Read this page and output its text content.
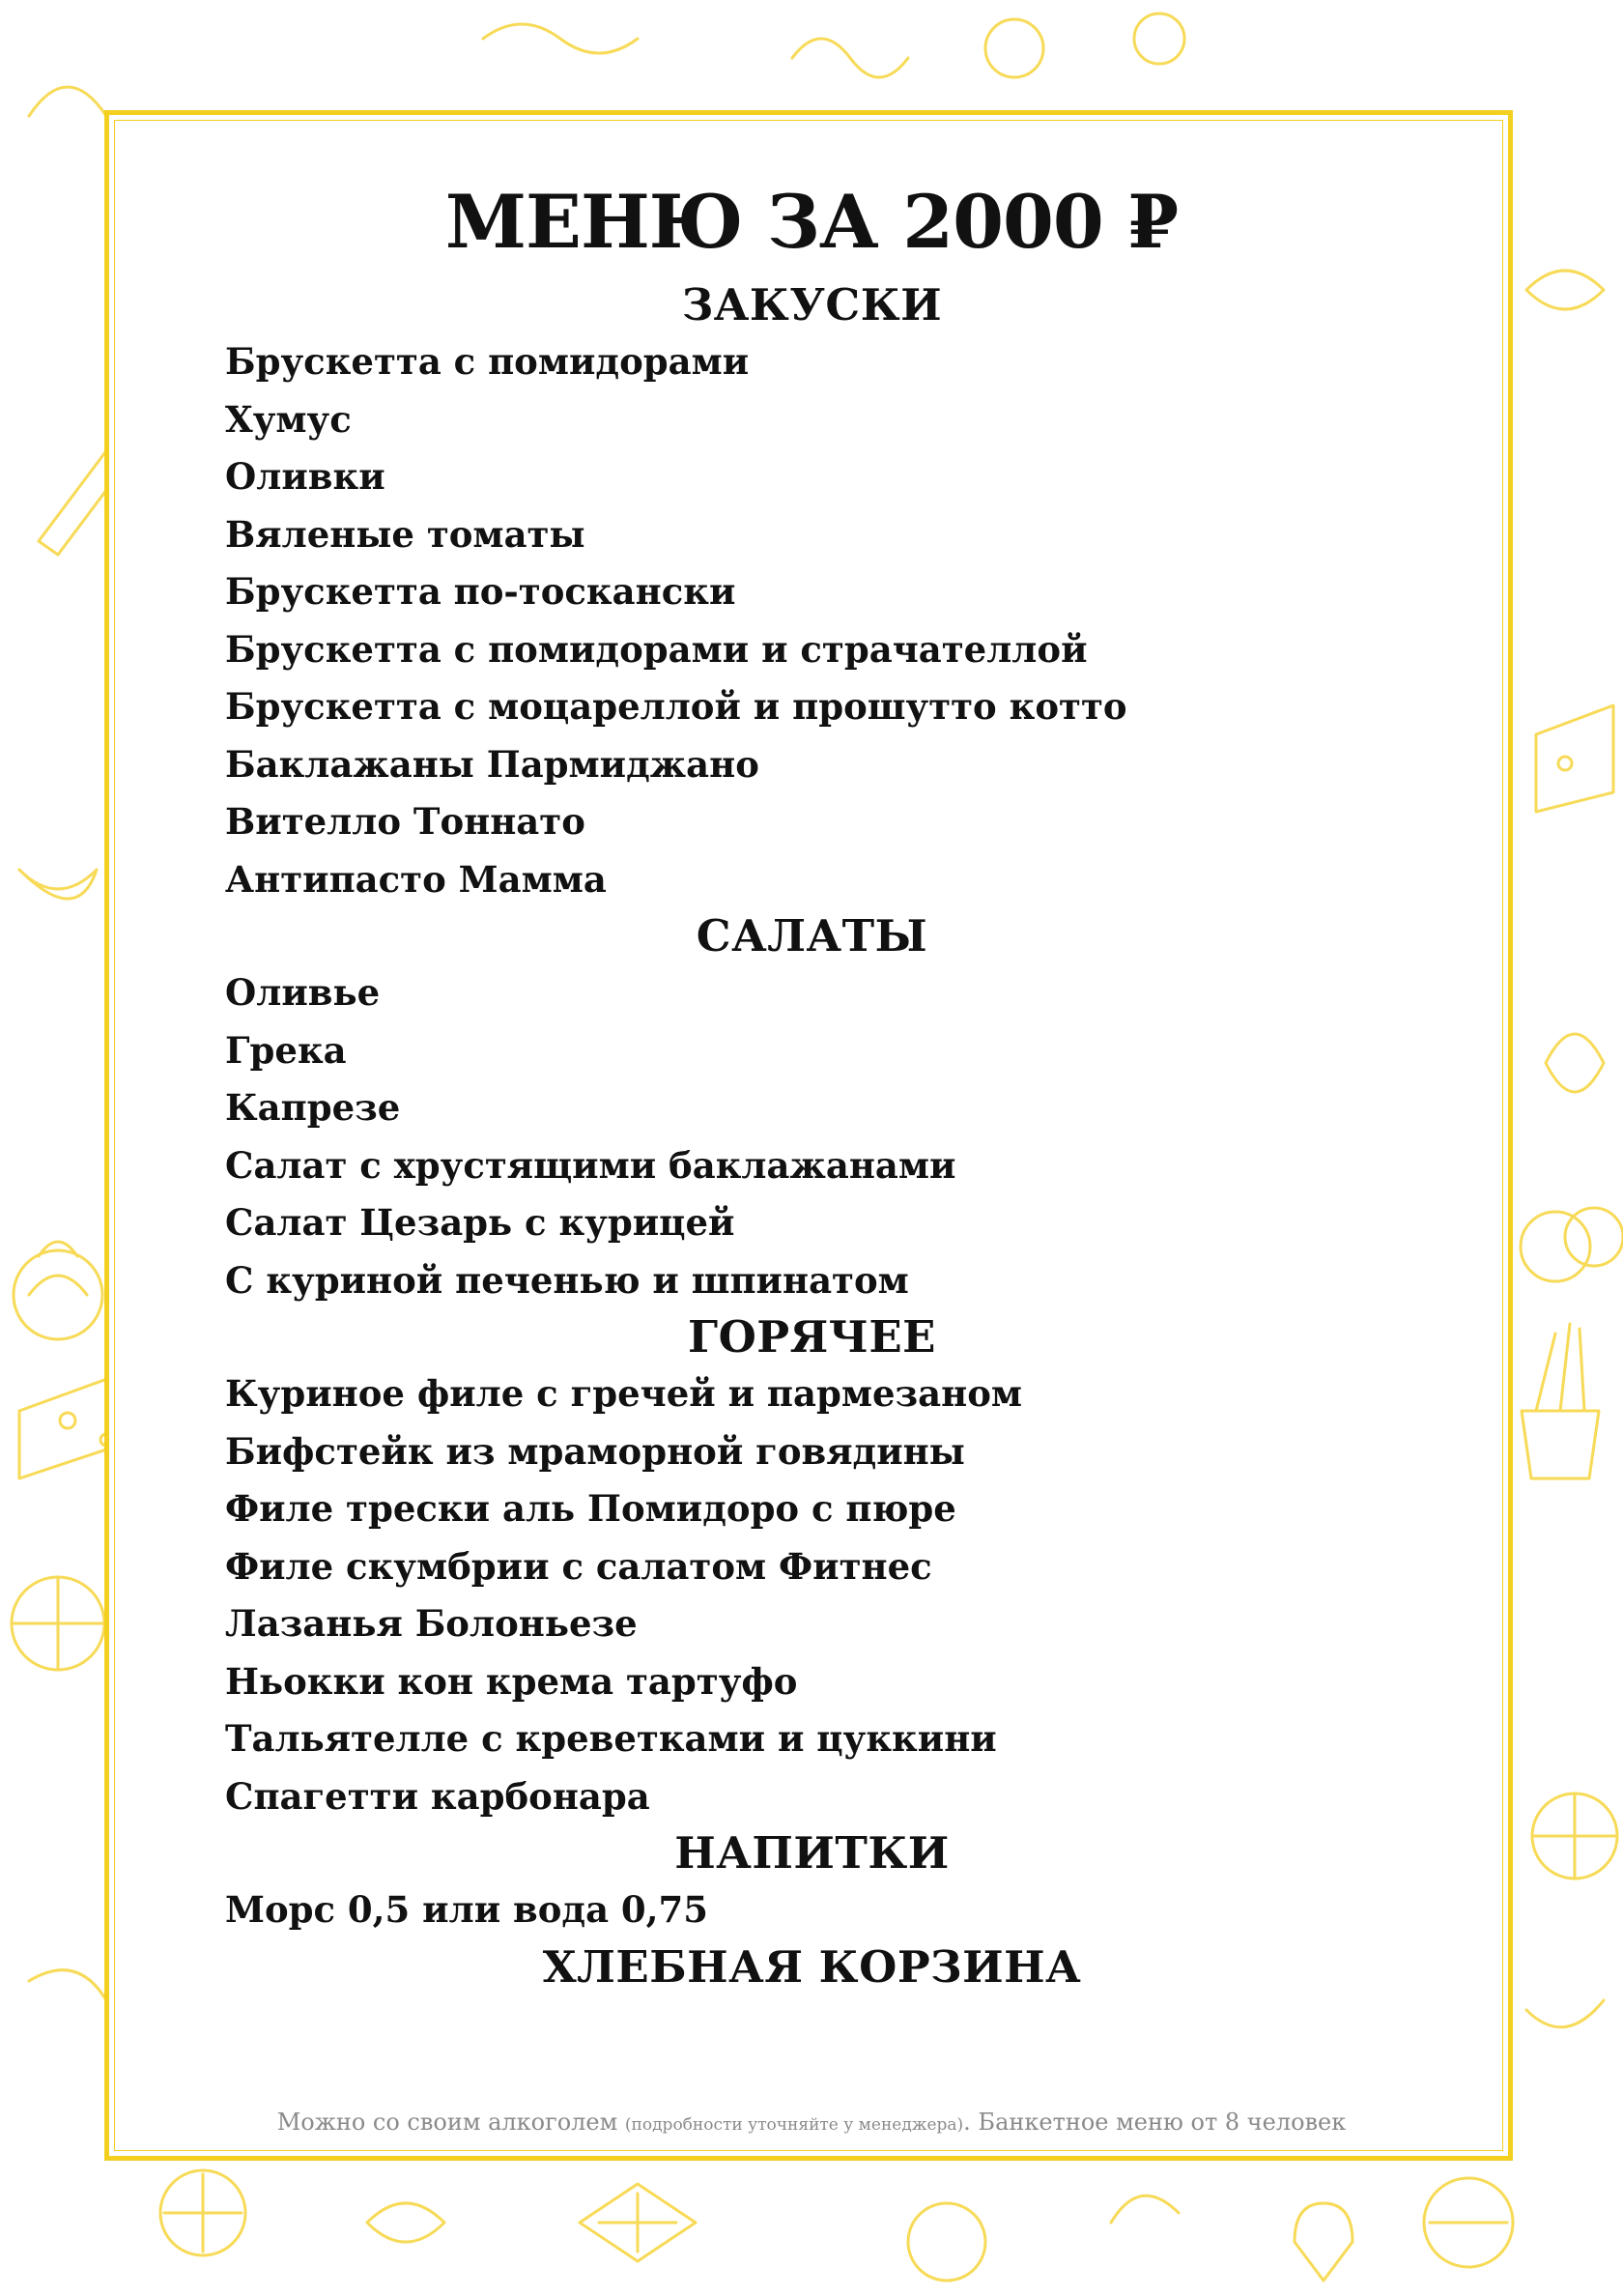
МЕНЮ ЗА 2000 ₽
ЗАКУСКИ
Брускетта с помидорами
Хумус
Оливки
Вяленые томаты
Брускетта по-тоскански
Брускетта с помидорами и страчателлой
Брускетта с моцареллой и прошутто котто
Баклажаны Пармиджано
Вителло Тоннато
Антипасто Мамма
САЛАТЫ
Оливье
Грека
Капрезе
Салат с хрустящими баклажанами
Салат Цезарь с курицей
С куриной печенью и шпинатом
ГОРЯЧЕЕ
Куриное филе с гречей и пармезаном
Бифстейк из мраморной говядины
Филе трески аль Помидоро с пюре
Филе скумбрии с салатом Фитнес
Лазанья Болоньезе
Ньокки кон крема тартуфо
Тальятелле с креветками и цуккини
Спагетти карбонара
НАПИТКИ
Морс 0,5 или вода 0,75
ХЛЕБНАЯ КОРЗИНА

Можно со своим алкоголем (подробности уточняйте у менеджера). Банкетное меню от 8 человек
